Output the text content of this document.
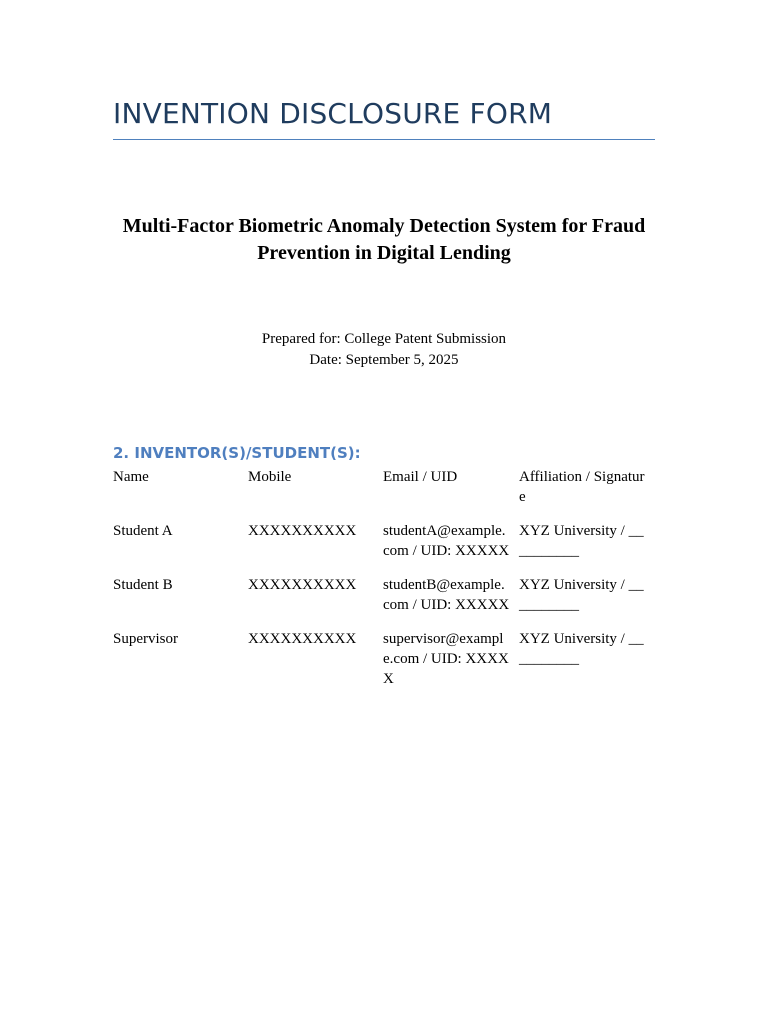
INVENTION DISCLOSURE FORM
Multi-Factor Biometric Anomaly Detection System for Fraud Prevention in Digital Lending
Prepared for: College Patent Submission
Date: September 5, 2025
2. INVENTOR(S)/STUDENT(S):
Name	Mobile	Email / UID	Affiliation / Signature

Student A	XXXXXXXXXX	studentA@example.com / UID: XXXXX	XYZ University / __________

Student B	XXXXXXXXXX	studentB@example.com / UID: XXXXX	XYZ University / __________

Supervisor	XXXXXXXXXX	supervisor@example.com / UID: XXXXX	XYZ University / __________
